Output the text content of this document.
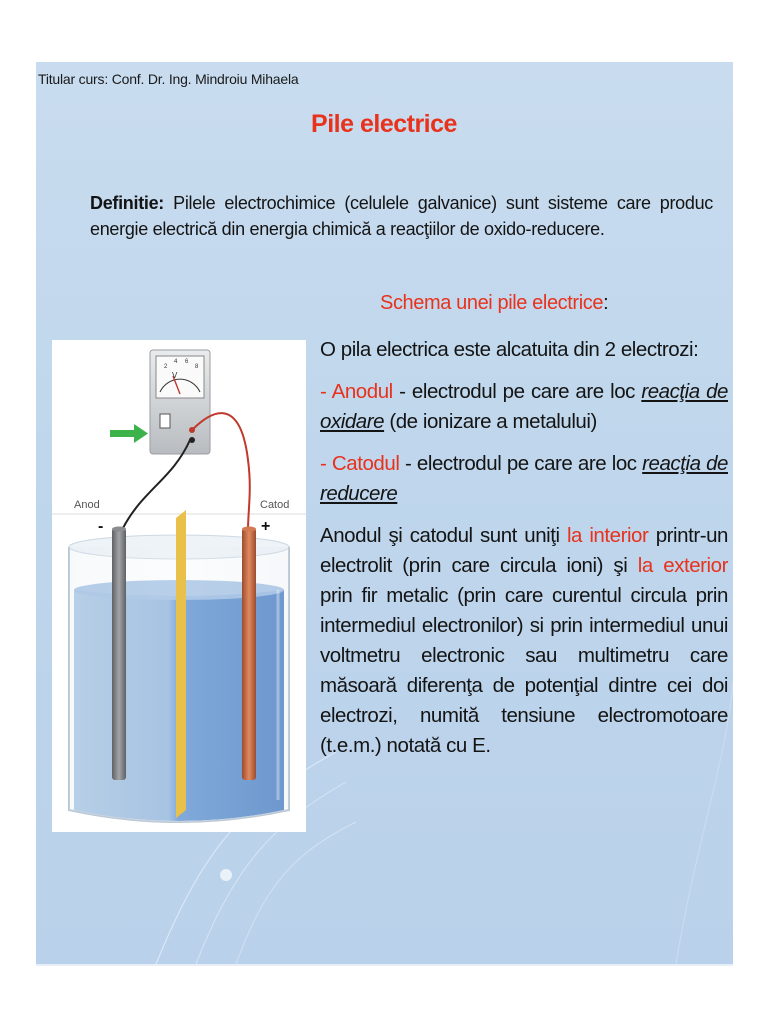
Titular curs: Conf. Dr. Ing. Mindroiu Mihaela
Pile electrice
Definitie: Pilele electrochimice (celulele galvanice) sunt sisteme care produc energie electrică din energia chimică a reacţiilor de oxido-reducere.
Schema unei pile electrice:

O pila electrica este alcatuita din 2 electrozi:

- Anodul - electrodul pe care are loc reacţia de oxidare (de ionizare a metalului)

- Catodul - electrodul pe care are loc reacţia de reducere

Anodul şi catodul sunt uniţi la interior printr-un electrolit (prin care circula ioni) şi la exterior prin fir metalic (prin care curentul circula prin intermediul electronilor) si prin intermediul unui voltmetru electronic sau multimetru care măsoară diferenţa de potenţial dintre cei doi electrozi, numită tensiune electromotoare (t.e.m.) notată cu E.

V
2
4 6
8
Anod	Catod
-	+
